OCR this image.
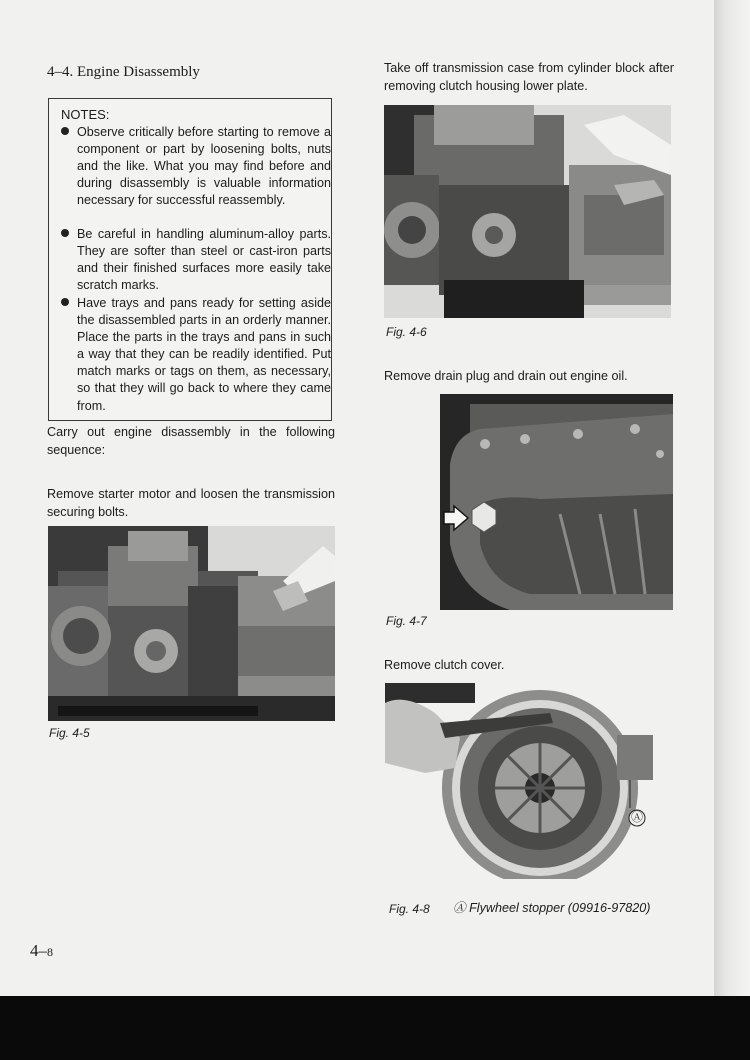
4–4. Engine Disassembly
NOTES:
Observe critically before starting to remove a component or part by loosening bolts, nuts and the like. What you may find before and during disassembly is valuable information necessary for successful reassembly.
Be careful in handling aluminum-alloy parts. They are softer than steel or cast-iron parts and their finished surfaces more easily take scratch marks.
Have trays and pans ready for setting aside the disassembled parts in an orderly manner. Place the parts in the trays and pans in such a way that they can be readily identified. Put match marks or tags on them, as necessary, so that they will go back to where they came from.
Carry out engine disassembly in the following sequence:
Remove starter motor and loosen the transmission securing bolts.
Fig. 4-5
Take off transmission case from cylinder block after removing clutch housing lower plate.
Fig. 4-6
Remove drain plug and drain out engine oil.
Fig. 4-7
Remove clutch cover.
Ⓐ
Fig. 4-8 Ⓐ Flywheel stopper (09916-97820)
4–8
